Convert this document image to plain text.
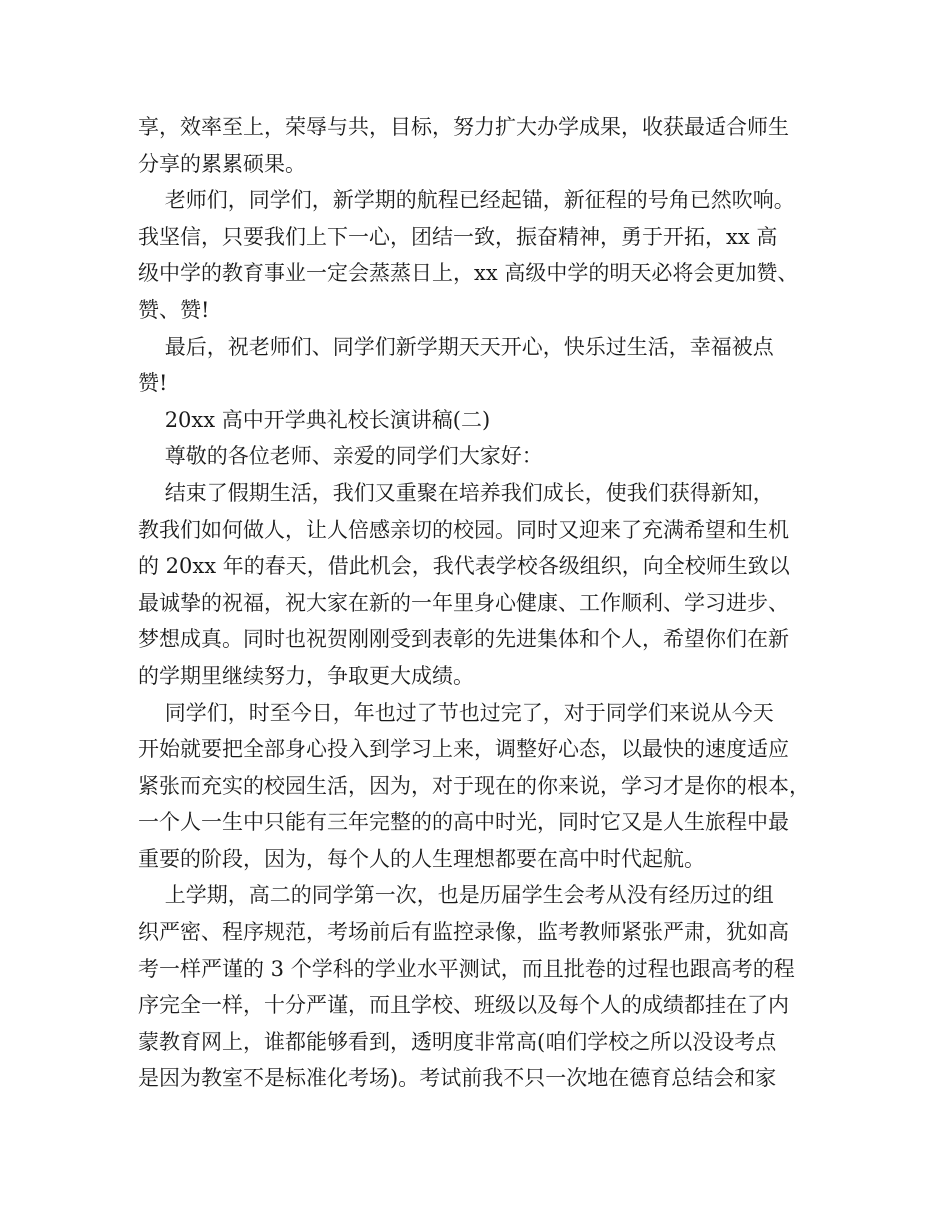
享，效率至上，荣辱与共，目标，努力扩大办学成果，收获最适合师生
分享的累累硕果。
老师们，同学们，新学期的航程已经起锚，新征程的号角已然吹响。
我坚信，只要我们上下一心，团结一致，振奋精神，勇于开拓，xx 高
级中学的教育事业一定会蒸蒸日上，xx 高级中学的明天必将会更加赞、
赞、赞!
最后，祝老师们、同学们新学期天天开心，快乐过生活，幸福被点
赞!
20xx 高中开学典礼校长演讲稿(二)
尊敬的各位老师、亲爱的同学们大家好：
结束了假期生活，我们又重聚在培养我们成长，使我们获得新知，
教我们如何做人，让人倍感亲切的校园。同时又迎来了充满希望和生机
的 20xx 年的春天，借此机会，我代表学校各级组织，向全校师生致以
最诚挚的祝福，祝大家在新的一年里身心健康、工作顺利、学习进步、
梦想成真。同时也祝贺刚刚受到表彰的先进集体和个人，希望你们在新
的学期里继续努力，争取更大成绩。
同学们，时至今日，年也过了节也过完了，对于同学们来说从今天
开始就要把全部身心投入到学习上来，调整好心态，以最快的速度适应
紧张而充实的校园生活，因为，对于现在的你来说，学习才是你的根本，
一个人一生中只能有三年完整的的高中时光，同时它又是人生旅程中最
重要的阶段，因为，每个人的人生理想都要在高中时代起航。
上学期，高二的同学第一次，也是历届学生会考从没有经历过的组
织严密、程序规范，考场前后有监控录像，监考教师紧张严肃，犹如高
考一样严谨的 3 个学科的学业水平测试，而且批卷的过程也跟高考的程
序完全一样，十分严谨，而且学校、班级以及每个人的成绩都挂在了内
蒙教育网上，谁都能够看到，透明度非常高(咱们学校之所以没设考点
是因为教室不是标准化考场)。考试前我不只一次地在德育总结会和家
